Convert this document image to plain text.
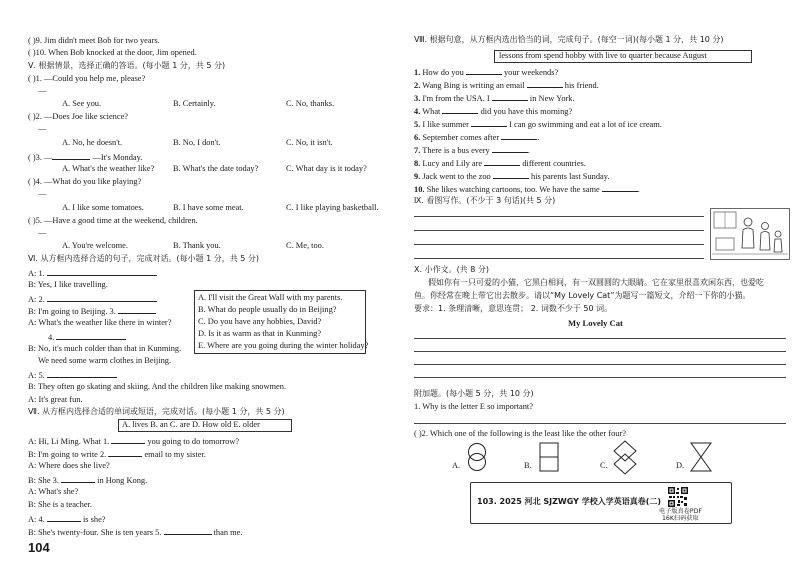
( )9. Jim didn't meet Bob for two years.
( )10. When Bob knocked at the door, Jim opened.
Ⅴ. 根据情景，选择正确的答语。(每小题 1 分，共 5 分)
( )1. —Could you help me, please?
—
A. See you.	B. Certainly.	C. No, thanks.
( )2. —Does Joe like science?
—
A. No, he doesn't.	B. No, I don't.	C. No, it isn't.
( )3. —	—It's Monday.
A. What's the weather like? B. What's the date today?	C. What day is it today?
( )4. —What do you like playing?
—
A. I like some tomatoes.	B. I have some meat.	C. I like playing basketball.
( )5. —Have a good time at the weekend, children.
—
A. You're welcome.	B. Thank you.	C. Me, too.
Ⅵ. 从方框内选择合适的句子，完成对话。(每小题 1 分，共 5 分)
A: 1.
B: Yes, I like travelling.
A: 2.
B: I'm going to Beijing. 3.
A: What's the weather like there in winter?
4.
B: No, it's much colder than that in Kunming.
We need some warm clothes in Beijing.
A: 5.
B: They often go skating and skiing. And the children like making snowmen.
A: It's great fun.
A. I'll visit the Great Wall with my parents.
B. What do people usually do in Beijing?
C. Do you have any hobbies, David?
D. Is it as warm as that in Kunming?
E. Where are you going during the winter holiday?
Ⅶ. 从方框内选择合适的单词或短语，完成对话。(每小题 1 分，共 5 分)
A. lives B. an C. are D. How old E. older
A: Hi, Li Ming. What 1.	you going to do tomorrow?
B: I'm going to write 2.	email to my sister.
A: Where does she live?
B: She 3.	in Hong Kong.
A: What's she?
B: She is a teacher.
A: 4.	is she?
B: She's twenty-four. She is ten years 5.	than me.
104
Ⅷ. 根据句意，从方框内选出恰当的词，完成句子。(每空一词)(每小题 1 分，共 10 分)
lessons from spend hobby with live to quarter because August
1. How do you	your weekends?
2. Wang Bing is writing an email	his friend.
3. I'm from the USA. I	in New York.
4. What	did you have this morning?
5. I like summer	I can go swimming and eat a lot of ice cream.
6. September comes after	.
7. There is a bus every	.
8. Lucy and Lily are	different countries.
9. Jack went to the zoo	his parents last Sunday.
10. She likes watching cartoons, too. We have the same	.
Ⅸ. 看图写作。(不少于 3 句话)(共 5 分)
Ⅹ. 小作文。(共 8 分)
假如你有一只可爱的小猫，它黑白相间，有一双圆圆的大眼睛。它在家里很喜欢闲东西，也爱吃
鱼。你经常在晚上带它出去散步。请以“My Lovely Cat”为题写一篇短文，介绍一下你的小猫。
要求：1. 条理清晰，意思连贯； 2. 词数不少于 50 词。
My Lovely Cat
附加题。(每小题 5 分，共 10 分)
1. Why is the letter E so important?
( )2. Which one of the following is the least like the other four?
A.	B.	C.	D.
103. 2025 河北 SJZWGY 学校入学英语真卷(二)
电子版真卷PDF
16K扫码获取
